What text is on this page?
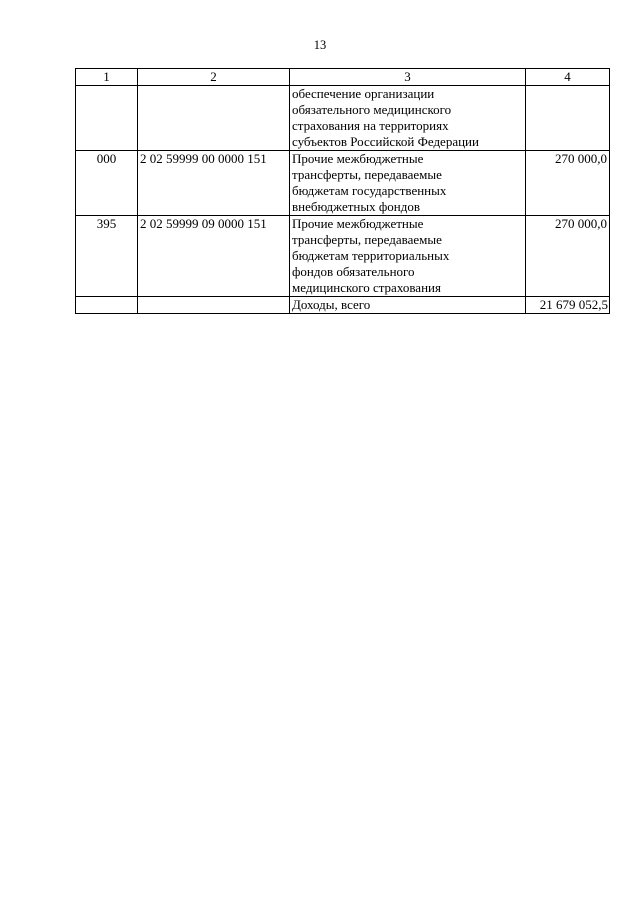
13
1	2	3	4

		обеспечение организации
обязательного медицинского
страхования на территориях
субъектов Российской Федерации	

000	2 02 59999 00 0000 151	Прочие межбюджетные
трансферты, передаваемые
бюджетам государственных
внебюджетных фондов	270 000,0
395	2 02 59999 09 0000 151	Прочие межбюджетные
трансферты, передаваемые
бюджетам территориальных
фондов обязательного
медицинского страхования	270 000,0

		Доходы, всего	21 679 052,5
